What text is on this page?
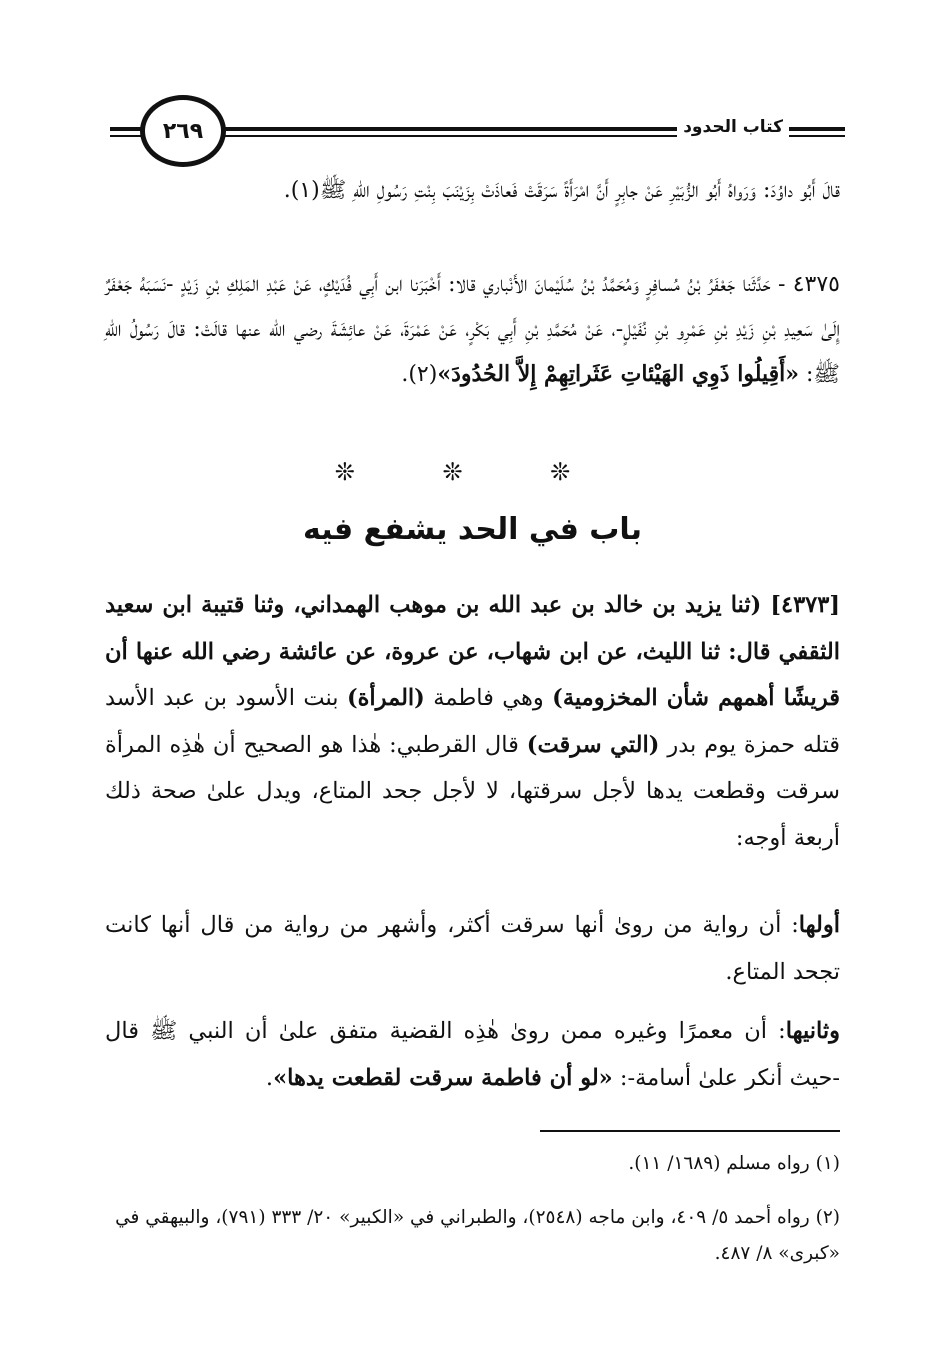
٢٦٩	كتاب الحدود
قالَ أَبُو داوُدَ: وَرَواهُ أَبُو الزُّبَيْرِ عَنْ جابِرٍ أَنَّ امْرَأَةً سَرَقَتْ فَعاذَتْ بِزَيْنَبَ بِنْتِ رَسُولِ اللهِ ﷺ(١).
٤٣٧٥ - حَدَّثَنا جَعْفَرُ بْنُ مُسافِرٍ وَمُحَمَّدُ بْنُ سُلَيْمانَ الأَنْباري قالا: أَخْبَرَنا ابن أَبِي فُدَيْكٍ، عَنْ عَبْدِ المَلِكِ بْنِ زَيْدٍ -نَسَبَهُ جَعْفَرٌ إِلَىٰ سَعِيدِ بْنِ زَيْدِ بْنِ عَمْرِو بْنِ نُفَيْلٍ-، عَنْ مُحَمَّدِ بْنِ أَبِي بَكْرٍ، عَنْ عَمْرَةَ، عَنْ عائِشَةَ رضي الله عنها قالَتْ: قالَ رَسُولُ اللهِ ﷺ: «أَقِيلُوا ذَوِي الهَيْئاتِ عَثَراتِهِمْ إِلاَّ الحُدُودَ»(٢).
❊ ❊ ❊
باب في الحد يشفع فيه
[٤٣٧٣] (ثنا يزيد بن خالد بن عبد الله بن موهب الهمداني، وثنا قتيبة ابن سعيد الثقفي قال: ثنا الليث، عن ابن شهاب، عن عروة، عن عائشة رضي الله عنها أن قريشًا أهمهم شأن المخزومية) وهي فاطمة (المرأة) بنت الأسود بن عبد الأسد قتله حمزة يوم بدر (التي سرقت) قال القرطبي: هٰذا هو الصحيح أن هٰذِه المرأة سرقت وقطعت يدها لأجل سرقتها، لا لأجل جحد المتاع، ويدل علىٰ صحة ذلك أربعة أوجه:
أولها: أن رواية من روىٰ أنها سرقت أكثر، وأشهر من رواية من قال أنها كانت تجحد المتاع.
وثانيها: أن معمرًا وغيره ممن روىٰ هٰذِه القضية متفق علىٰ أن النبي ﷺ قال -حيث أنكر علىٰ أسامة-: «لو أن فاطمة سرقت لقطعت يدها».
(١) رواه مسلم (١٦٨٩/ ١١).
(٢) رواه أحمد ٥/ ٤٠٩، وابن ماجه (٢٥٤٨)، والطبراني في «الكبير» ٢٠/ ٣٣٣ (٧٩١)، والبيهقي في «كبرى» ٨/ ٤٨٧.
